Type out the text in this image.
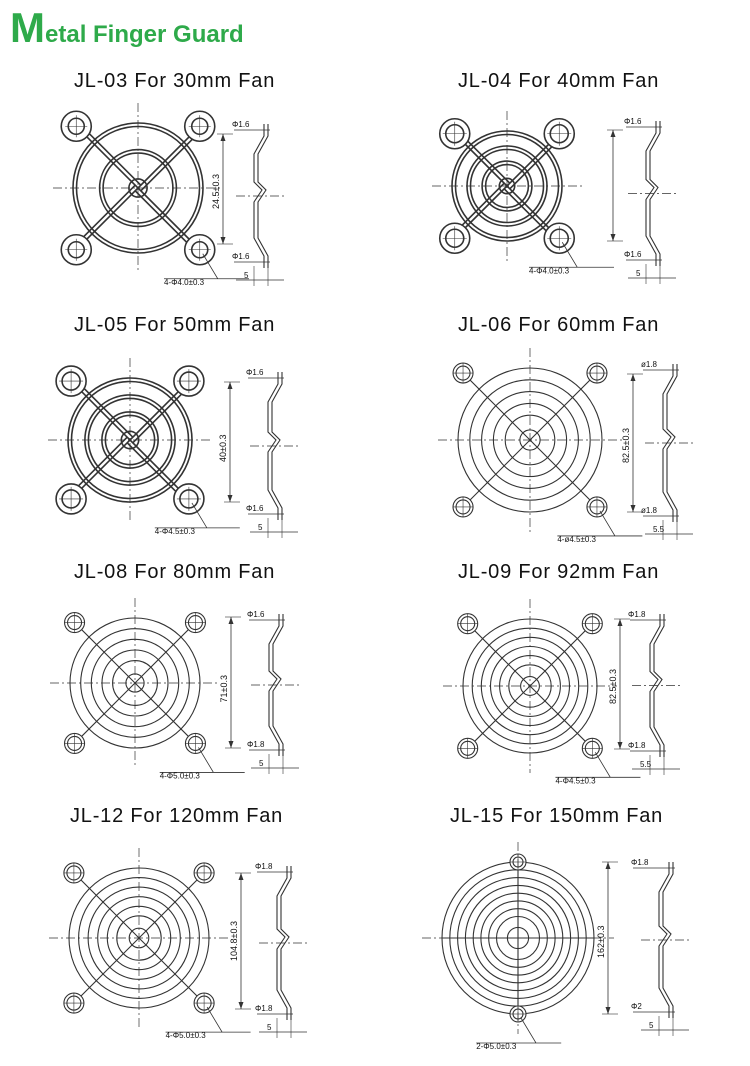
M etal Finger Guard
JL-03 For 30mm Fan	JL-04 For 40mm Fan
JL-05 For 50mm Fan	JL-06 For 60mm Fan
JL-08 For 80mm Fan	JL-09 For 92mm Fan
JL-12 For 120mm Fan	JL-15 For 150mm Fan
4-Φ4.0±0.3
Φ1.6
Φ1.6
5
24.5±0.3
4-Φ4.0±0.3
Φ1.6
Φ1.6
5
4-Φ4.5±0.3
Φ1.6
Φ1.6
5
40±0.3
4-ø4.5±0.3
ø1.8
ø1.8
5.5
82.5±0.3
4-Φ5.0±0.3
Φ1.6
Φ1.8
5
71±0.3
4-Φ4.5±0.3
Φ1.8
Φ1.8
5.5
82.5±0.3
4-Φ5.0±0.3
Φ1.8
Φ1.8
5
104.8±0.3
2-Φ5.0±0.3
Φ1.8
Φ2
5
162±0.3
